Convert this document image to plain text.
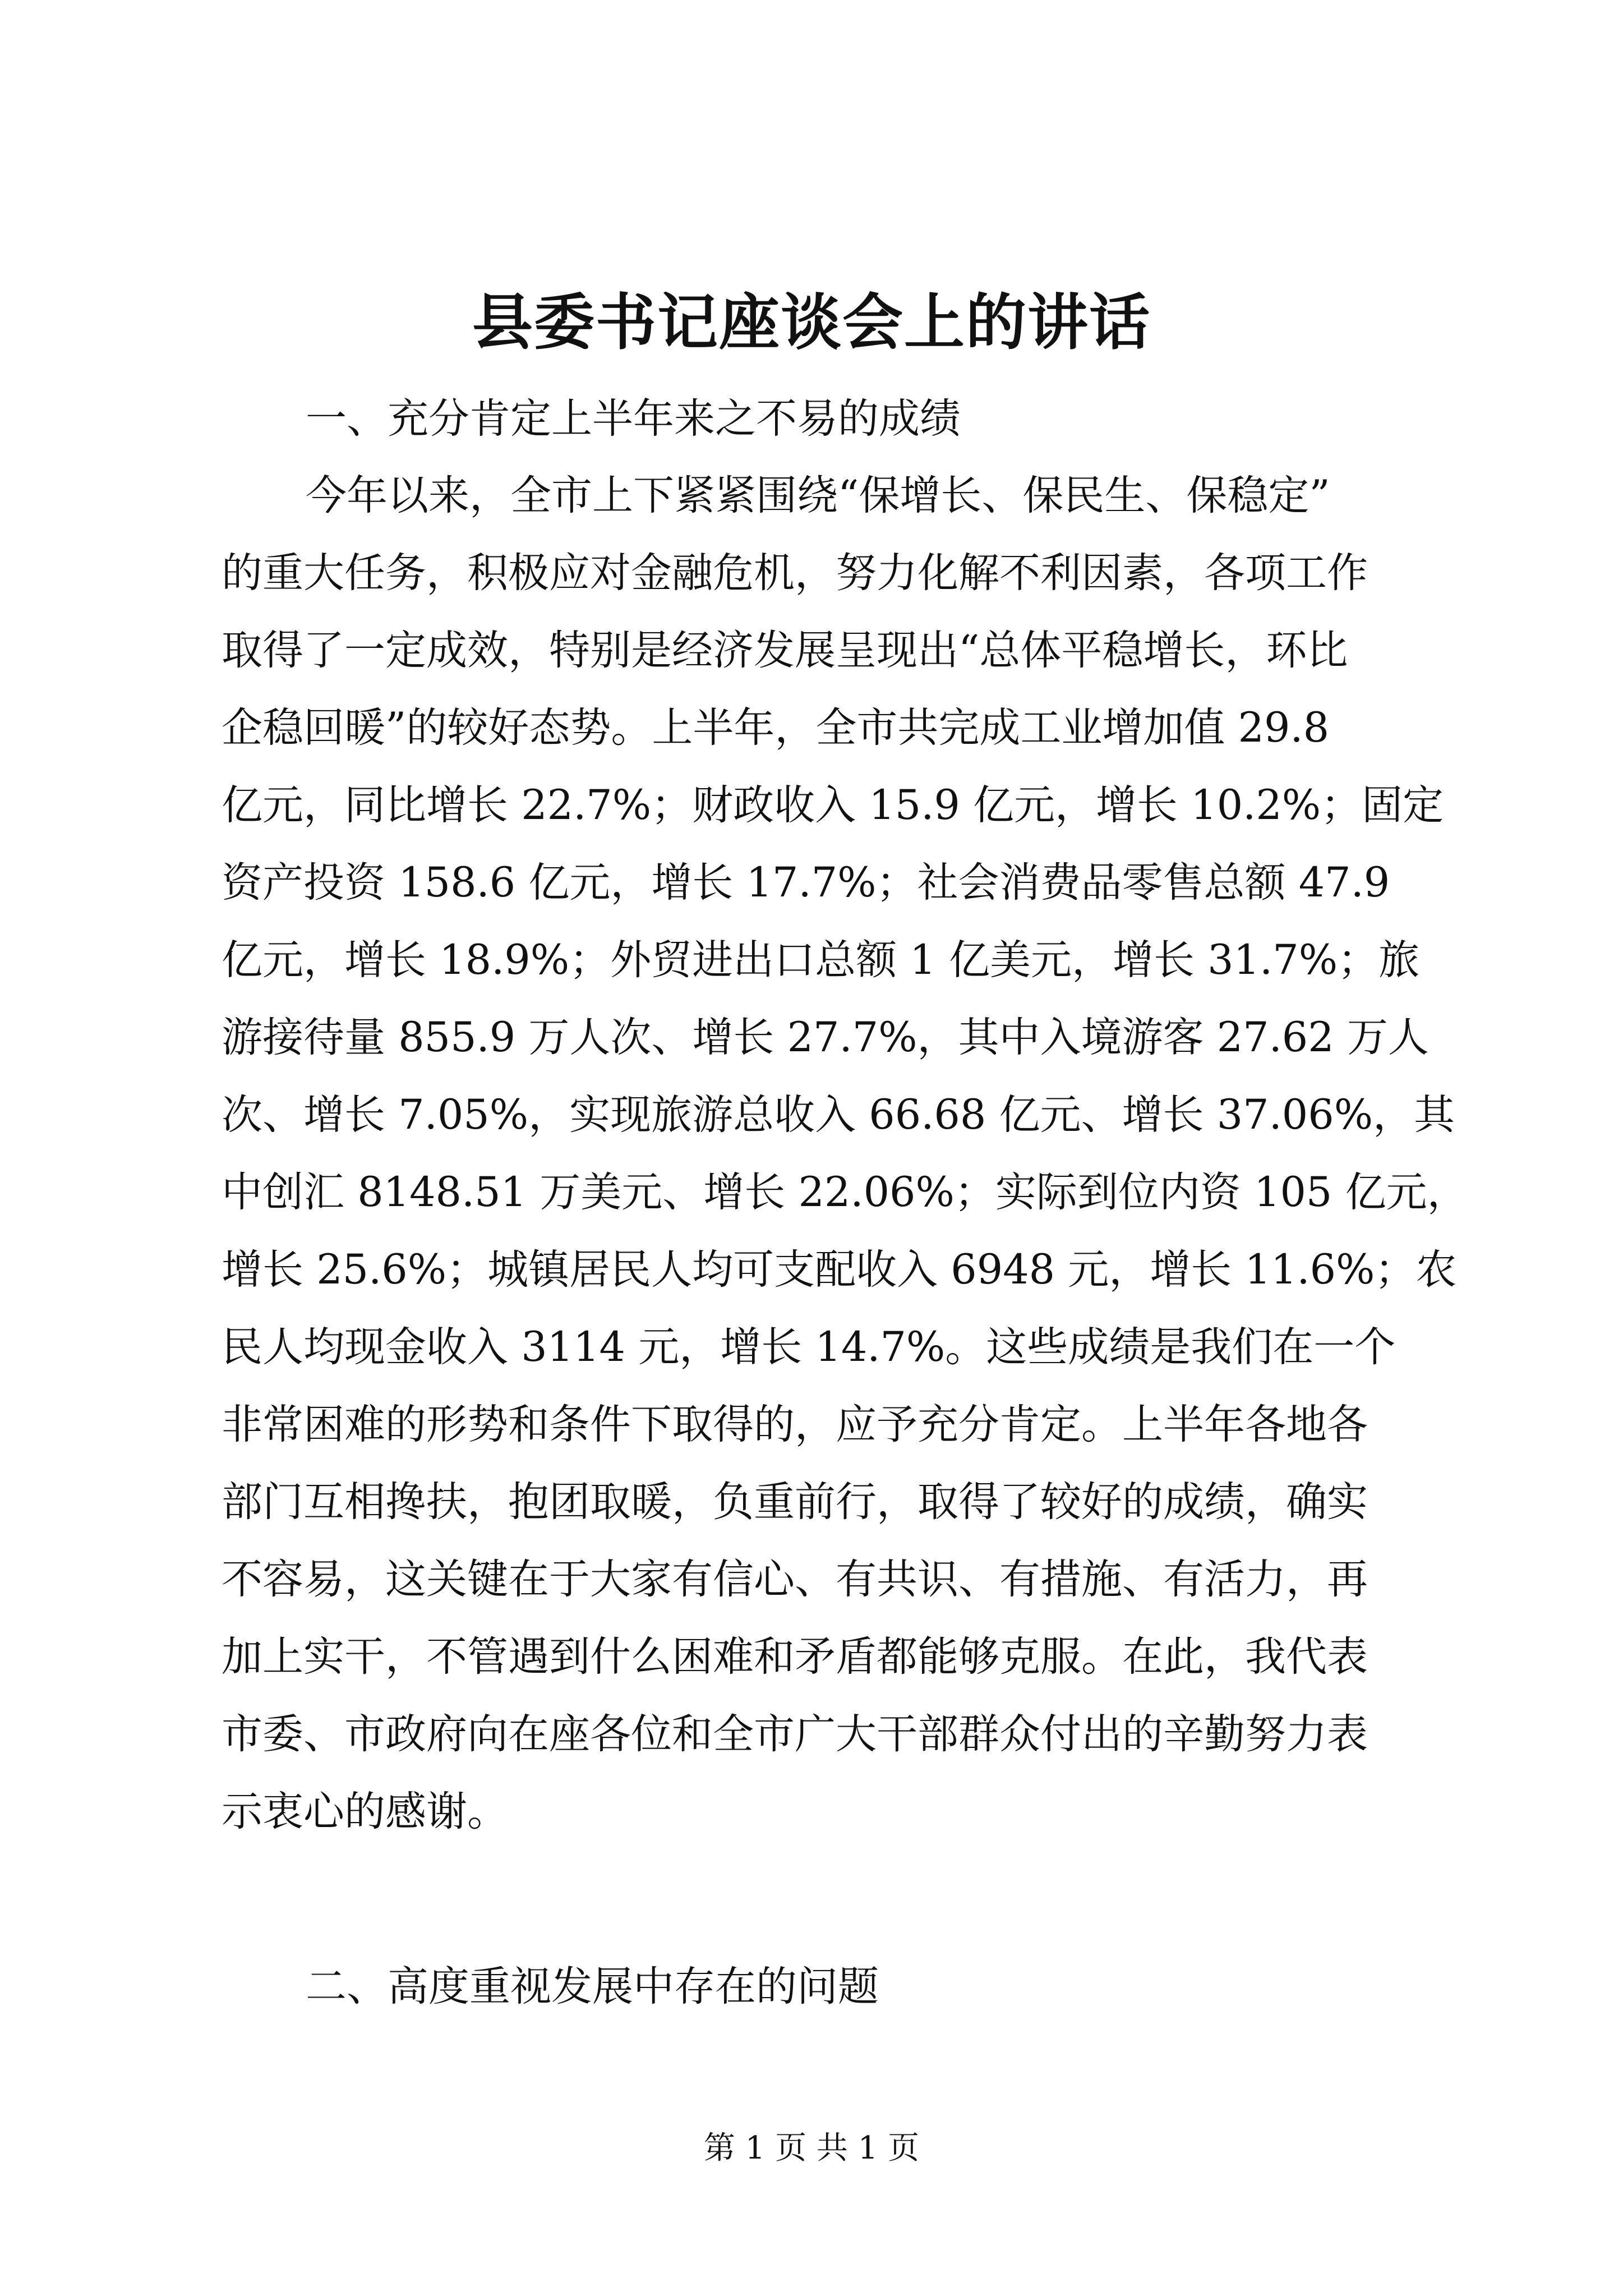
县委书记座谈会上的讲话
一、充分肯定上半年来之不易的成绩
今年以来，全市上下紧紧围绕“保增长、保民生、保稳定”
的重大任务，积极应对金融危机，努力化解不利因素，各项工作
取得了一定成效，特别是经济发展呈现出“总体平稳增长，环比
企稳回暖”的较好态势。上半年，全市共完成工业增加值 29.8
亿元，同比增长 22.7%；财政收入 15.9 亿元，增长 10.2%；固定
资产投资 158.6 亿元，增长 17.7%；社会消费品零售总额 47.9
亿元，增长 18.9%；外贸进出口总额 1 亿美元，增长 31.7%；旅
游接待量 855.9 万人次、增长 27.7%，其中入境游客 27.62 万人
次、增长 7.05%，实现旅游总收入 66.68 亿元、增长 37.06%，其
中创汇 8148.51 万美元、增长 22.06%；实际到位内资 105 亿元，
增长 25.6%；城镇居民人均可支配收入 6948 元，增长 11.6%；农
民人均现金收入 3114 元，增长 14.7%。这些成绩是我们在一个
非常困难的形势和条件下取得的，应予充分肯定。上半年各地各
部门互相搀扶，抱团取暖，负重前行，取得了较好的成绩，确实
不容易，这关键在于大家有信心、有共识、有措施、有活力，再
加上实干，不管遇到什么困难和矛盾都能够克服。在此，我代表
市委、市政府向在座各位和全市广大干部群众付出的辛勤努力表
示衷心的感谢。
二、高度重视发展中存在的问题
第 1 页 共 1 页
